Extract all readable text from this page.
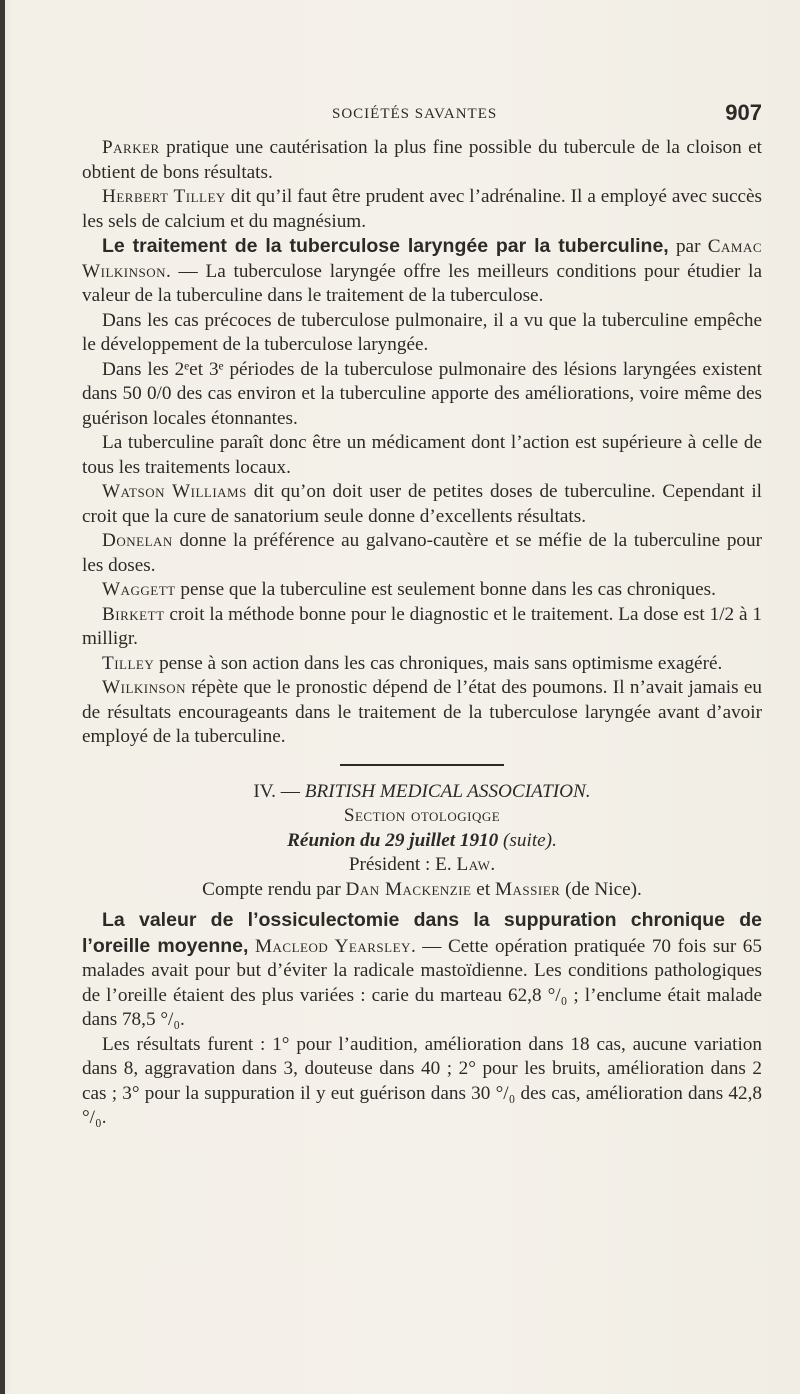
SOCIÉTÉS SAVANTES	907

Parker pratique une cautérisation la plus fine possible du tubercule de la cloison et obtient de bons résultats.

Herbert Tilley dit qu’il faut être prudent avec l’adrénaline. Il a employé avec succès les sels de calcium et du magnésium.

Le traitement de la tuberculose laryngée par la tuberculine, par Camac Wilkinson. — La tuberculose laryngée offre les meilleurs conditions pour étudier la valeur de la tuberculine dans le traitement de la tuberculose.

Dans les cas précoces de tuberculose pulmonaire, il a vu que la tuberculine empêche le développement de la tuberculose laryngée.

Dans les 2ᵉet 3ᵉ périodes de la tuberculose pulmonaire des lésions laryngées existent dans 50 0/0 des cas environ et la tuberculine apporte des améliorations, voire même des guérison locales étonnantes.

La tuberculine paraît donc être un médicament dont l’action est supérieure à celle de tous les traitements locaux.

Watson Williams dit qu’on doit user de petites doses de tuberculine. Cependant il croit que la cure de sanatorium seule donne d’excellents résultats.

Donelan donne la préférence au galvano-cautère et se méfie de la tuberculine pour les doses.

Waggett pense que la tuberculine est seulement bonne dans les cas chroniques.

Birkett croit la méthode bonne pour le diagnostic et le traitement. La dose est 1/2 à 1 milligr.

Tilley pense à son action dans les cas chroniques, mais sans optimisme exagéré.

Wilkinson répète que le pronostic dépend de l’état des poumons. Il n’avait jamais eu de résultats encourageants dans le traitement de la tuberculose laryngée avant d’avoir employé de la tuberculine.

IV. — BRITISH MEDICAL ASSOCIATION.

Section otologiqge

Réunion du 29 juillet 1910 (suite).

Président : E. Law.

Compte rendu par Dan Mackenzie et Massier (de Nice).

La valeur de l’ossiculectomie dans la suppuration chronique de l’oreille moyenne, Macleod Yearsley. — Cette opération pratiquée 70 fois sur 65 malades avait pour but d’éviter la radicale mastoïdienne. Les conditions pathologiques de l’oreille étaient des plus variées : carie du marteau 62,8 °/₀ ; l’enclume était malade dans 78,5 °/₀.

Les résultats furent : 1° pour l’audition, amélioration dans 18 cas, aucune variation dans 8, aggravation dans 3, douteuse dans 40 ; 2° pour les bruits, amélioration dans 2 cas ; 3° pour la suppuration il y eut guérison dans 30 °/₀ des cas, amélioration dans 42,8 °/₀.
